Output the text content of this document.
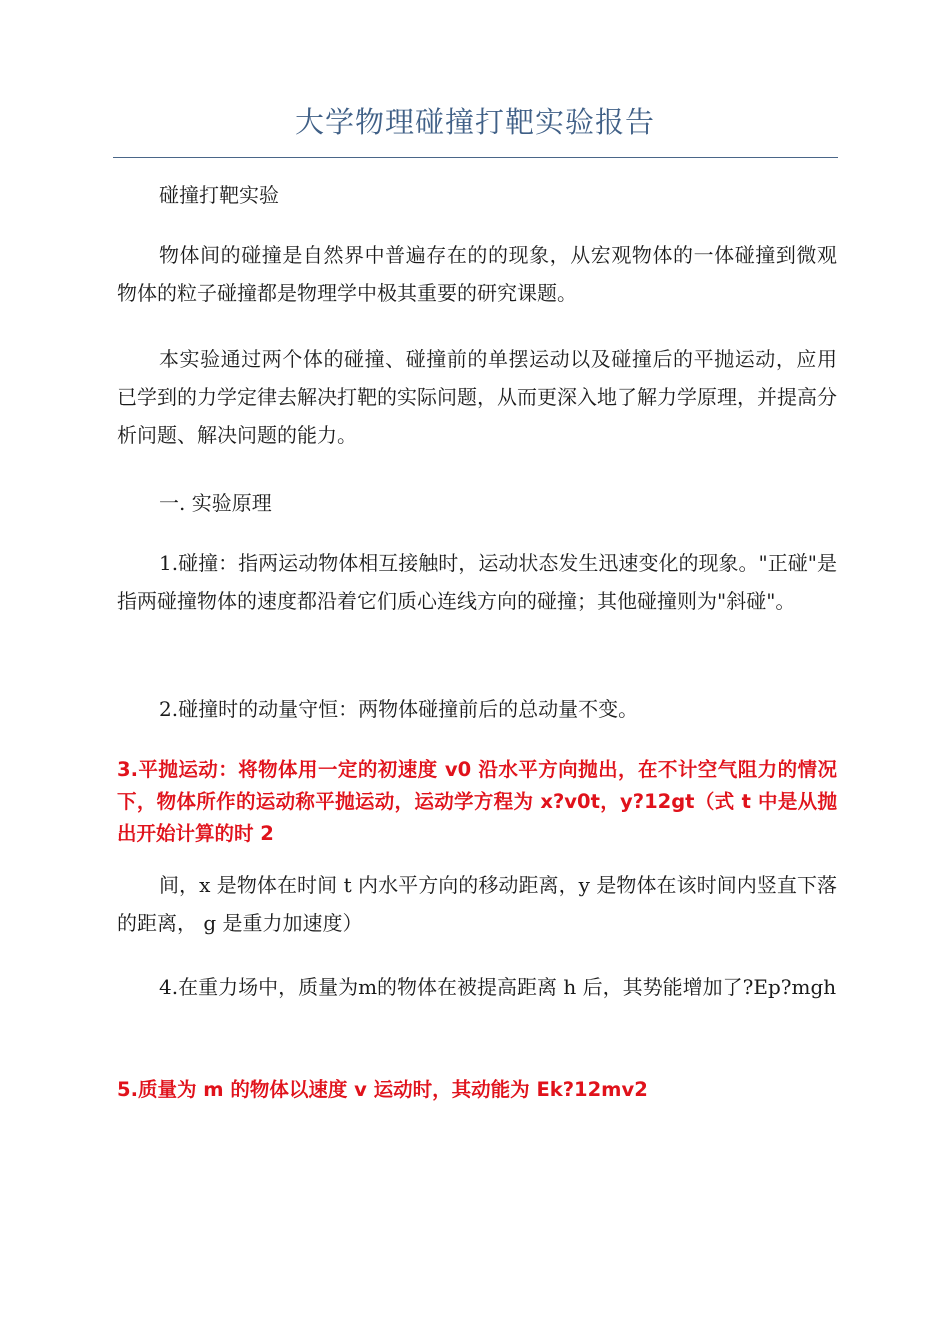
大学物理碰撞打靶实验报告

碰撞打靶实验

物体间的碰撞是自然界中普遍存在的的现象，从宏观物体的一体碰撞到微观物体的粒子碰撞都是物理学中极其重要的研究课题。

本实验通过两个体的碰撞、碰撞前的单摆运动以及碰撞后的平抛运动，应用已学到的力学定律去解决打靶的实际问题，从而更深入地了解力学原理，并提高分析问题、解决问题的能力。

一. 实验原理

1.碰撞：指两运动物体相互接触时，运动状态发生迅速变化的现象。"正碰"是指两碰撞物体的速度都沿着它们质心连线方向的碰撞；其他碰撞则为"斜碰"。

2.碰撞时的动量守恒：两物体碰撞前后的总动量不变。

3.平抛运动：将物体用一定的初速度 v0 沿水平方向抛出，在不计空气阻力的情况下，物体所作的运动称平抛运动，运动学方程为 x?v0t，y?12gt（式 t 中是从抛出开始计算的时 2

间，x 是物体在时间 t 内水平方向的移动距离，y 是物体在该时间内竖直下落的距离， g 是重力加速度）

4.在重力场中，质量为m的物体在被提高距离 h 后，其势能增加了?Ep?mgh

5.质量为 m 的物体以速度 v 运动时，其动能为 Ek?12mv2
